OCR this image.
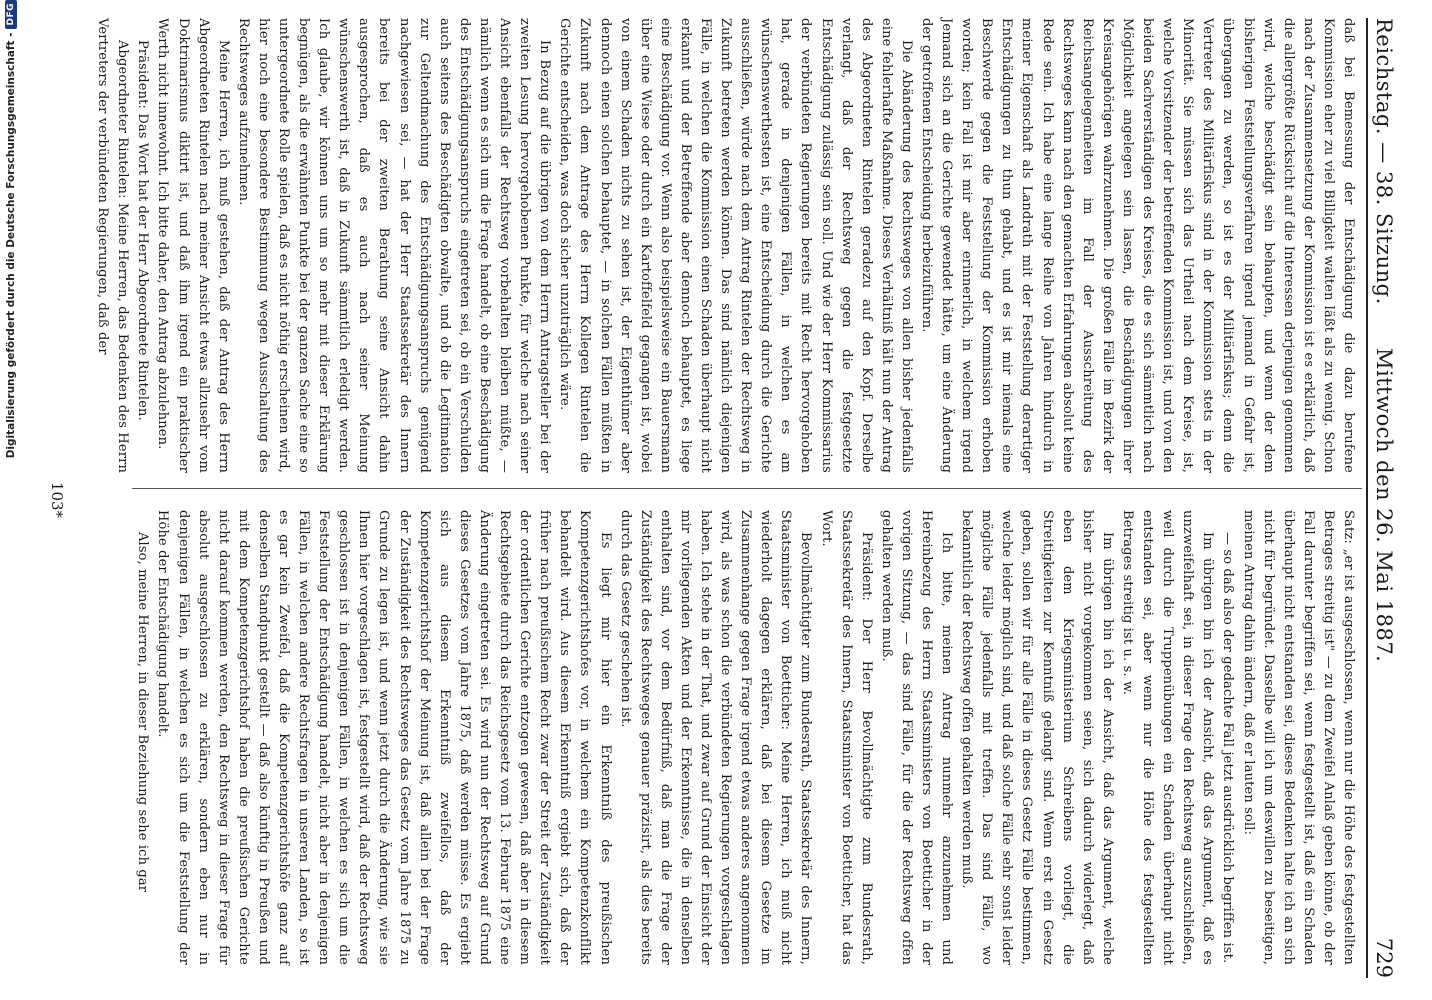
Reichstag. — 38. Sitzung.
Mittwoch den 26. Mai 1887.
729

daß bei Bemessung der Entschädigung die dazu berufene Kommission eher zu viel Billigkeit walten läßt als zu wenig. Schon nach der Zusammensetzung der Kommission ist es erklärlich, daß die allergrößte Rücksicht auf die Interessen derjenigen genommen wird, welche beschädigt sein behaupten, und wenn der dem bisherigen Feststellungsverfahren irgend jemand in Gefahr ist, übergangen zu werden, so ist es der Militärfiskus; denn die Vertreter des Militärfiskus sind in der Kommission stets in der Minorität. Sie müssen sich das Urtheil nach dem Kreise, ist, welche Vorsitzender der betreffenden Kommission ist, und von den beiden Sachverständigen des Kreises, die es sich sämmtlich nach Möglichkeit angelegen sein lassen, die Beschädigungen ihrer Kreisangehörigen wahrzunehmen. Die großen Fälle im Bezirk der Reichsangelegenheiten im Fall der Ausschreitung des Rechtsweges kann nach den gemachten Erfahrungen absolut keine Rede sein. Ich habe eine lange Reihe von Jahren hindurch in meiner Eigenschaft als Landrath mit der Feststellung derartiger Entschädigungen zu thun gehabt, und es ist mir niemals eine Beschwerde gegen die Feststellung der Kommission erhoben worden; kein Fall ist mir aber erinnerlich, in welchem irgend Jemand sich an die Gerichte gewendet hätte, um eine Änderung der getroffenen Entscheidung herbeizuführen.

Die Abänderung des Rechtsweges von allen bisher jedenfalls eine fehlerhafte Maßnahme. Dieses Verhältniß hält nun der Antrag des Abgeordneten Rintelen geradezu auf den Kopf. Derselbe verlangt, daß der Rechtsweg gegen die festgesetzte Entschädigung zulässig sein soll. Und wie der Herr Kommissarius der verbündeten Regierungen bereits mit Recht hervorgehoben hat, gerade in denjenigen Fällen, in welchen es am wünschenswerthesten ist, eine Entscheidung durch die Gerichte ausschließen, würde nach dem Antrag Rintelen der Rechtsweg in Zukunft betreten werden können. Das sind nämlich diejenigen Fälle, in welchen die Kommission einen Schaden überhaupt nicht erkannt und der Betreffende aber dennoch behauptet, es liege eine Beschädigung vor. Wenn also beispielsweise ein Bauersmann über eine Wiese oder durch ein Kartoffelfeld gegangen ist, wobei von einem Schaden nichts zu sehen ist, der Eigenthümer aber dennoch einen solchen behauptet, — in solchen Fällen müßten in Zukunft nach dem Antrage des Herrn Kollegen Rintelen die Gerichte entscheiden, was doch sicher unzuträglich wäre.

In Bezug auf die übrigen von dem Herrn Antragsteller bei der zweiten Lesung hervorgehobenen Punkte, für welche nach seiner Ansicht ebenfalls der Rechtsweg vorbehalten bleiben müßte, — nämlich wenn es sich um die Frage handelt, ob eine Beschädigung des Entschädigungsanspruchs eingetreten sei, ob ein Verschulden auch seitens des Beschädigten obwalte, und ob die Legitimation zur Geltendmachung des Entschädigungsanspruchs genügend nachgewiesen sei, — hat der Herr Staatssekretär des Innern bereits bei der zweiten Berathung seine Ansicht dahin ausgesprochen, daß es auch nach seiner Meinung wünschenswerth ist, daß in Zukunft sämmtlich erledigt werden. Ich glaube, wir können uns um so mehr mit dieser Erklärung begnügen, als die erwähnten Punkte bei der ganzen Sache eine so untergeordnete Rolle spielen, daß es nicht nöthig erscheinen wird, hier noch eine besondere Bestimmung wegen Ausschaltung des Rechtsweges aufzunehmen.

Meine Herren, ich muß gestehen, daß der Antrag des Herrn Abgeordneten Rintelen nach meiner Ansicht etwas allzusehr vom Doktrinarismus diktirt ist, und daß ihm irgend ein praktischer Werth nicht innewohnt. Ich bitte daher, den Antrag abzulehnen.

Präsident: Das Wort hat der Herr Abgeordnete Rintelen.

Abgeordneter Rintelen: Meine Herren, das Bedenken des Herrn Vertreters der verbündeten Regierungen, daß der

Satz: „er ist ausgeschlossen, wenn nur die Höhe des festgestellten Betrages streitig ist" — zu dem Zweifel Anlaß geben könne, ob der Fall darunter begriffen sei, wenn festgestellt ist, daß ein Schaden überhaupt nicht entstanden sei, dieses Bedenken halte ich an sich nicht für begründet. Dasselbe will ich um deswillen zu beseitigen, meinen Antrag dahin ändern, daß er lauten soll:

— so daß also der gedachte Fall jetzt ausdrücklich begriffen ist.

Im übrigen bin ich der Ansicht, daß das Argument, daß es unzweifelhaft sei, in dieser Frage den Rechtsweg auszuschließen, weil durch die Truppenübungen ein Schaden überhaupt nicht entstanden sei, aber wenn nur die Höhe des festgestellten Betrages streitig ist u. s. w.

Im übrigen bin ich der Ansicht, daß das Argument, welche bisher nicht vorgekommen seien, sich dadurch widerlegt, daß eben dem Kriegsministerium Schreibens vorliegt, die Streitigkeiten zur Kenntniß gelangt sind. Wenn erst ein Gesetz geben, sollen wir für alle Fälle in dieses Gesetz Fälle bestimmen, welche leider möglich sind, und daß solche Fälle sehr sonst leider mögliche Fälle jedenfalls mit treffen. Das sind Fälle, wo bekanntlich der Rechtsweg offen gehalten werden muß.

Ich bitte, meinen Antrag nunmehr anzunehmen und Hereinbezug des Herrn Staatsministers von Boetticher in der vorigen Sitzung, — das sind Fälle, für die der Rechtsweg offen gehalten werden muß.

Präsident: Der Herr Bevollmächtigte zum Bundesrath, Staatssekretär des Innern, Staatsminister von Boetticher, hat das Wort.

Bevollmächtigter zum Bundesrath, Staatssekretär des Innern, Staatsminister von Boetticher: Meine Herren, ich muß nicht wiederholt dagegen erklären, daß bei diesem Gesetze im Zusammenhange gegen Frage irgend etwas anderes angenommen wird, als was schon die verbündeten Regierungen vorgeschlagen haben. Ich stehe in der That, und zwar auf Grund der Einsicht der mir vorliegenden Akten und der Erkenntnisse, die in denselben enthalten sind, vor dem Bedürfniß, daß man die Frage der Zuständigkeit des Rechtsweges genauer präzisirt, als dies bereits durch das Gesetz geschehen ist.

Es liegt mir hier ein Erkenntniß des preußischen Kompetenzgerichtshofes vor, in welchem ein Kompetenzkonflikt behandelt wird. Aus diesem Erkenntniß ergiebt sich, daß der früher nach preußischem Recht zwar der Streit der Zuständigkeit der ordentlichen Gerichte entzogen gewesen, daß aber in diesem Rechtsgebiete durch das Reichsgesetz vom 13. Februar 1875 eine Änderung eingetreten sei. Es wird nun der Rechtsweg auf Grund dieses Gesetzes vom Jahre 1875, daß werden müsse. Es ergiebt sich aus diesem Erkenntniß zweifellos, daß der Kompetenzgerichtshof der Meinung ist, daß allein bei der Frage der Zuständigkeit des Rechtsweges das Gesetz vom Jahre 1875 zu Grunde zu legen ist, und wenn jetzt durch die Änderung, wie sie Ihnen hier vorgeschlagen ist, festgestellt wird, daß der Rechtsweg geschlossen ist in denjenigen Fällen, in welchen es sich um die Feststellung der Entschädigung handelt, nicht aber in denjenigen Fällen, in welchen andere Rechtsfragen in unseren Landen, so ist es gar kein Zweifel, daß die Kompetenzgerichtshöfe ganz auf denselben Standpunkt gestellt — daß also künftig in Preußen und mit dem Kompetenzgerichtshof haben die preußischen Gerichte nicht darauf kommen werden, den Rechtsweg in dieser Frage für absolut ausgeschlossen zu erklären, sondern eben nur in denjenigen Fällen, in welchen es sich um die Feststellung der Höhe der Entschädigung handelt.

Also, meine Herren, in dieser Beziehung sehe ich gar

103*
Digitalisierung gefördert durch die Deutsche Forschungsgemeinschaft -
DFG
